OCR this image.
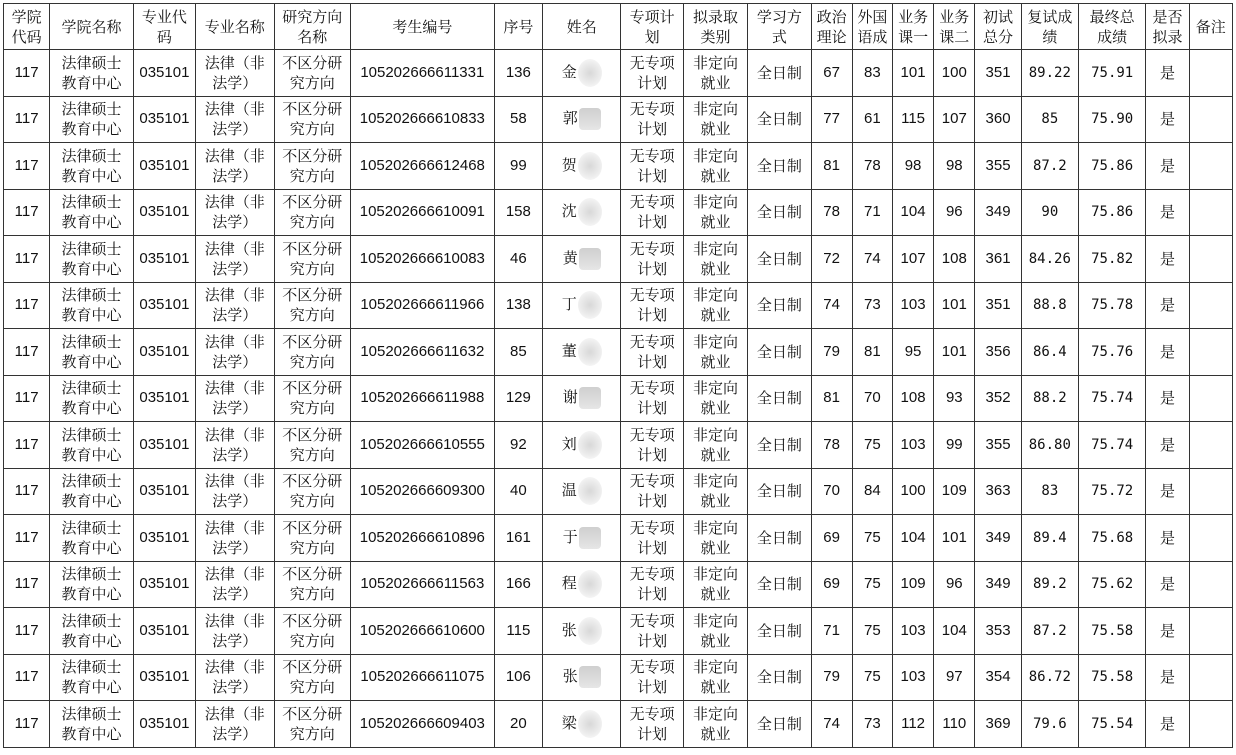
学院
代码	学院名称	专业代
码	专业名称	研究方向
名称	考生编号	序号	姓名	专项计
划	拟录取
类别	学习方
式	政治
理论	外国
语成	业务
课一	业务
课二	初试
总分	复试成
绩	最终总
成绩	是否
拟录	备注
117	法律硕士
教育中心	035101	法律（非
法学）	不区分研
究方向	105202666611331	136	金	无专项
计划	非定向
就业	全日制	67	83	101	100	351	89.22	75.91	是	
117	法律硕士
教育中心	035101	法律（非
法学）	不区分研
究方向	105202666610833	58	郭	无专项
计划	非定向
就业	全日制	77	61	115	107	360	85	75.90	是	
117	法律硕士
教育中心	035101	法律（非
法学）	不区分研
究方向	105202666612468	99	贺	无专项
计划	非定向
就业	全日制	81	78	98	98	355	87.2	75.86	是	
117	法律硕士
教育中心	035101	法律（非
法学）	不区分研
究方向	105202666610091	158	沈	无专项
计划	非定向
就业	全日制	78	71	104	96	349	90	75.86	是	
117	法律硕士
教育中心	035101	法律（非
法学）	不区分研
究方向	105202666610083	46	黄	无专项
计划	非定向
就业	全日制	72	74	107	108	361	84.26	75.82	是	
117	法律硕士
教育中心	035101	法律（非
法学）	不区分研
究方向	105202666611966	138	丁	无专项
计划	非定向
就业	全日制	74	73	103	101	351	88.8	75.78	是	
117	法律硕士
教育中心	035101	法律（非
法学）	不区分研
究方向	105202666611632	85	董	无专项
计划	非定向
就业	全日制	79	81	95	101	356	86.4	75.76	是	
117	法律硕士
教育中心	035101	法律（非
法学）	不区分研
究方向	105202666611988	129	谢	无专项
计划	非定向
就业	全日制	81	70	108	93	352	88.2	75.74	是	
117	法律硕士
教育中心	035101	法律（非
法学）	不区分研
究方向	105202666610555	92	刘	无专项
计划	非定向
就业	全日制	78	75	103	99	355	86.80	75.74	是	
117	法律硕士
教育中心	035101	法律（非
法学）	不区分研
究方向	105202666609300	40	温	无专项
计划	非定向
就业	全日制	70	84	100	109	363	83	75.72	是	
117	法律硕士
教育中心	035101	法律（非
法学）	不区分研
究方向	105202666610896	161	于	无专项
计划	非定向
就业	全日制	69	75	104	101	349	89.4	75.68	是	
117	法律硕士
教育中心	035101	法律（非
法学）	不区分研
究方向	105202666611563	166	程	无专项
计划	非定向
就业	全日制	69	75	109	96	349	89.2	75.62	是	
117	法律硕士
教育中心	035101	法律（非
法学）	不区分研
究方向	105202666610600	115	张	无专项
计划	非定向
就业	全日制	71	75	103	104	353	87.2	75.58	是	
117	法律硕士
教育中心	035101	法律（非
法学）	不区分研
究方向	105202666611075	106	张	无专项
计划	非定向
就业	全日制	79	75	103	97	354	86.72	75.58	是	
117	法律硕士
教育中心	035101	法律（非
法学）	不区分研
究方向	105202666609403	20	梁	无专项
计划	非定向
就业	全日制	74	73	112	110	369	79.6	75.54	是	
